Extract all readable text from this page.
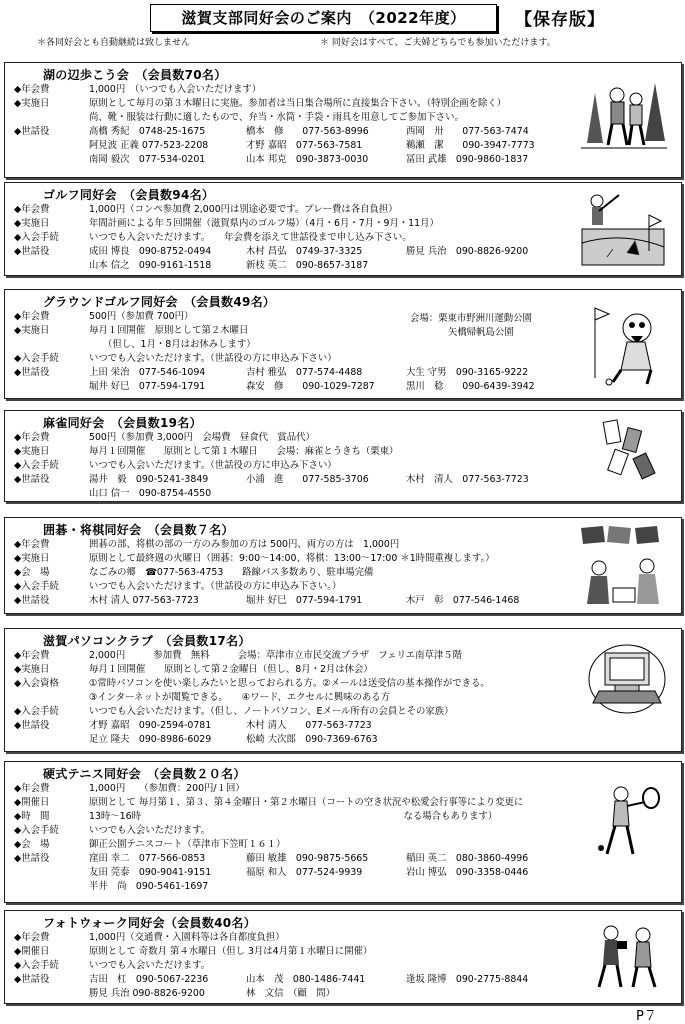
滋賀支部同好会のご案内　（2022年度）	【保存版】
＊各同好会とも自動継続は致しません	＊ 同好会はすべて、ご夫婦どちらでも参加いただけます。
湖の辺歩こう会　（会員数70名）
◆年会費	1,000円　（いつでも入会いただけます）
◆実施日	原則として毎月の第３木曜日に実施。参加者は当日集合場所に直接集合下さい。（特別企画を除く）
尚、靴・服装は行動に適したもので、弁当・水筒・手袋・雨具を用意してご参加下さい。
◆世話役	高橋 秀紀　0748-25-1675	橋本　修　　077-563-8996	西岡　卅　　077-563-7474
阿見波 正義 077-523-2208	才野 嘉昭　077-563-7581	鵜瀬　潔　　090-3947-7773
南岡 毅次　077-534-0201	山本 邦克　090-3873-0030	冨田 武雄　090-9860-1837
ゴルフ同好会　（会員数94名）
◆年会費	1,000円（コンペ参加費 2,000円は別途必要です。プレー費は各自負担）
◆実施日	年間計画による年５回開催（滋賀県内のゴルフ場）（4月・6月・7月・9月・11月）
◆入会手続	いつでも入会いただけます。　　年会費を添えて世話役まで申し込み下さい。
◆世話役	成田 博良　090-8752-0494	木村 昌弘　0749-37-3325	勝見 兵治　090-8826-9200
山本 信之　090-9161-1518	新枝 英二　090-8657-3187
グラウンドゴルフ同好会　（会員数49名）
◆年会費	500円（参加費 700円）
◆実施日	毎月１回開催　原則として第２木曜日
　　（但し、1月・8月はお休みします）
◆入会手続	いつでも入会いただけます。（世話役の方に申込み下さい）
◆世話役	上田 栄治　077-546-1094	吉村 雅弘　077-574-4488	大生 守男　090-3165-9222
堀井 好巳　077-594-1791	森安　修　　090-1029-7287	黒川　稔　　090-6439-3942
会場：栗東市野洲川運動公園
矢橋帰帆島公園
麻雀同好会　（会員数19名）
◆年会費	500円（参加費 3,000円　会場費　昼食代　賞品代）
◆実施日	毎月１回開催　　原則として第１木曜日　　会場：麻雀とうきち（栗東）
◆入会手続	いつでも入会いただけます。（世話役の方に申込み下さい）
◆世話役	湯井　毅　090-5241-3849	小浦　進　　077-585-3706	木村　清人　077-563-7723
山口 信一　090-8754-4550
囲碁・将棋同好会　（会員数７名）
◆年会費	囲碁の部、将棋の部の一方のみ参加の方は 500円、両方の方は　1,000円
◆実施日	原則として最終週の火曜日（囲碁：9:00～14:00、将棋：13:00～17:00 ＊1時間重複します。）
◆会　場	なごみの郷　☎077-563-4753　　路線バス多数あり、駐車場完備
◆入会手続	いつでも入会いただけます。（世話役の方に申込み下さい。）
◆世話役	木村 清人 077-563-7723	堀井 好巳　077-594-1791	木戸　彰　077-546-1468
滋賀パソコンクラブ　（会員数17名）
◆年会費	2,000円　　　参加費　無料　　　会場：草津市立市民交流プラザ　フェリエ南草津５階
◆実施日	毎月１回開催　　原則として第２金曜日（但し、8月・2月は休会）
◆入会資格	①常時パソコンを使い楽しみたいと思っておられる方。②メールは送受信の基本操作ができる。
③インターネットが閲覧できる。　　④ワード、エクセルに興味のある方
◆入会手続	いつでも入会いただけます。（但し、ノートパソコン、Eメール所有の会員とその家族）
◆世話役	才野 嘉昭　090-2594-0781	木村 清人　　077-563-7723
足立 隆夫　090-8986-6029	松崎 大次郎　090-7369-6763
硬式テニス同好会　（会員数２０名）
◆年会費	1,000円　　（参加費：200円/１回）
◆開催日	原則として 毎月第１、第３、第４金曜日・第２水曜日（コートの空き状況や松愛会行事等により変更に
◆時　間	13時～16時　　　　　　　　　　　　　　　　　　　　　　　　　　　　なる場合もあります）
◆入会手続	いつでも入会いただけます。
◆会　場	御正公園テニスコート（草津市下笠町１６１）
◆世話役	窪田 幸二　077-566-0853	藤田 敏雄　090-9875-5665	稲田 英二　080-3860-4996
友田 莞泰　090-9041-9151	福原 和人　077-524-9939	岩山 博弘　090-3358-0446
半井　尚　090-5461-1697
フォトウォーク同好会（会員数40名）
◆年会費	1,000円（交通費・入園料等は各自都度負担）
◆開催日	原則として 奇数月 第４水曜日（但し 3月は4月第１水曜日に開催）
◆入会手続	いつでも入会いただけます。
◆世話役	吉田　杠　090-5067-2236	山本　茂　080-1486-7441	逢坂 隆博　090-2775-8844
勝見 兵治 090-8826-9200	林　文信　（顧　問）
P７
